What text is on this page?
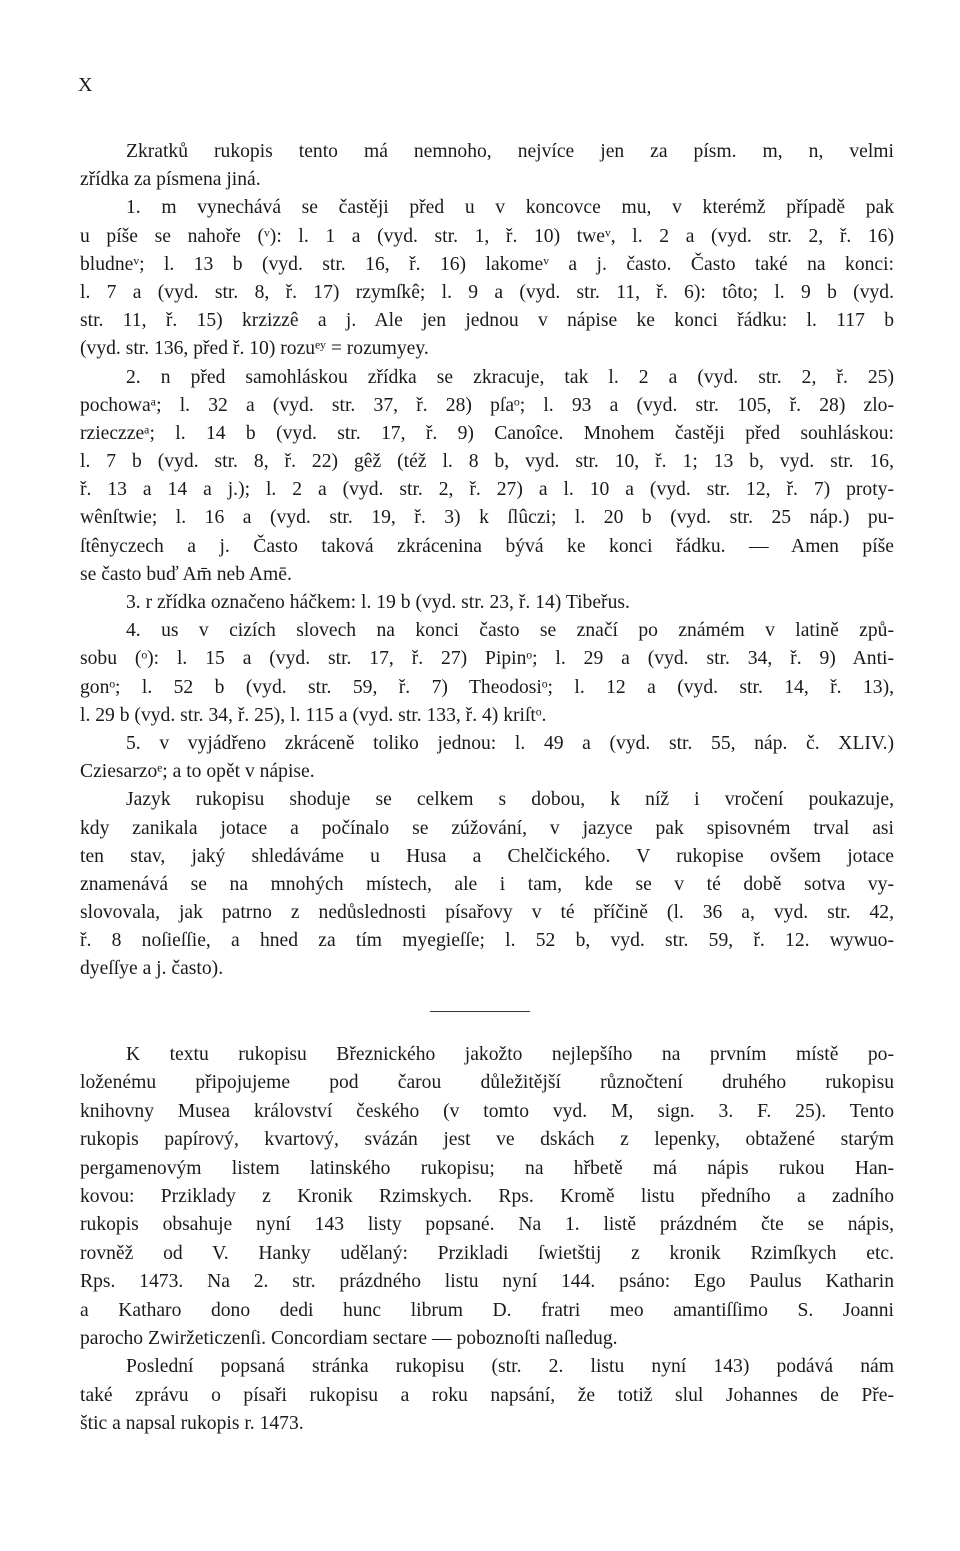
X
Zkratků rukopis tento má nemnoho, nejvíce jen za písm. m, n, velmi
zřídka za písmena jiná.
1. m vynechává se častěji před u v koncovce mu, v kterémž případě pak
u píše se nahoře (ᵛ): l. 1 a (vyd. str. 1, ř. 10) tweᵛ, l. 2 a (vyd. str. 2, ř. 16)
bludneᵛ; l. 13 b (vyd. str. 16, ř. 16) lakomeᵛ a j. často. Často také na konci:
l. 7 a (vyd. str. 8, ř. 17) rzymſkê; l. 9 a (vyd. str. 11, ř. 6): tôto; l. 9 b (vyd.
str. 11, ř. 15) krzizzê a j. Ale jen jednou v nápise ke konci řádku: l. 117 b
(vyd. str. 136, před ř. 10) rozuᵉʸ = rozumyey.
2. n před samohláskou zřídka se zkracuje, tak l. 2 a (vyd. str. 2, ř. 25)
pochowaᵃ; l. 32 a (vyd. str. 37, ř. 28) pſaᵒ; l. 93 a (vyd. str. 105, ř. 28) zlo-
rzieczzeᵃ; l. 14 b (vyd. str. 17, ř. 9) Canoîce. Mnohem častěji před souhláskou:
l. 7 b (vyd. str. 8, ř. 22) gêž (též l. 8 b, vyd. str. 10, ř. 1; 13 b, vyd. str. 16,
ř. 13 a 14 a j.); l. 2 a (vyd. str. 2, ř. 27) a l. 10 a (vyd. str. 12, ř. 7) proty-
wênſtwie; l. 16 a (vyd. str. 19, ř. 3) k ſlûczi; l. 20 b (vyd. str. 25 náp.) pu-
ſtênyczech a j. Často taková zkrácenina bývá ke konci řádku. — Amen píše
se často buď Am̄ neb Amē.
3. r zřídka označeno háčkem: l. 19 b (vyd. str. 23, ř. 14) Tibeřus.
4. us v cizích slovech na konci často se značí po známém v latině způ-
sobu (ᵒ): l. 15 a (vyd. str. 17, ř. 27) Pipinᵒ; l. 29 a (vyd. str. 34, ř. 9) Anti-
gonᵒ; l. 52 b (vyd. str. 59, ř. 7) Theodosiᵒ; l. 12 a (vyd. str. 14, ř. 13),
l. 29 b (vyd. str. 34, ř. 25), l. 115 a (vyd. str. 133, ř. 4) kriſtᵒ.
5. v vyjádřeno zkráceně toliko jednou: l. 49 a (vyd. str. 55, náp. č. XLIV.)
Cziesarzoᵉ; a to opět v nápise.
Jazyk rukopisu shoduje se celkem s dobou, k níž i vročení poukazuje,
kdy zanikala jotace a počínalo se zúžování, v jazyce pak spisovném trval asi
ten stav, jaký shledáváme u Husa a Chelčického. V rukopise ovšem jotace
znamenává se na mnohých místech, ale i tam, kde se v té době sotva vy-
slovovala, jak patrno z nedůslednosti písařovy v té příčině (l. 36 a, vyd. str. 42,
ř. 8 noſieſſie, a hned za tím myegieſſe; l. 52 b, vyd. str. 59, ř. 12. wywuo-
dyeſſye a j. často).
K textu rukopisu Březnického jakožto nejlepšího na prvním místě po-
loženému připojujeme pod čarou důležitější různočtení druhého rukopisu
knihovny Musea království českého (v tomto vyd. M, sign. 3. F. 25). Tento
rukopis papírový, kvartový, svázán jest ve dskách z lepenky, obtažené starým
pergamenovým listem latinského rukopisu; na hřbetě má nápis rukou Han-
kovou: Prziklady z Kronik Rzimskych. Rps. Kromě listu předního a zadního
rukopis obsahuje nyní 143 listy popsané. Na 1. listě prázdném čte se nápis,
rovněž od V. Hanky udělaný: Przikladi ſwietštij z kronik Rzimſkych etc.
Rps. 1473. Na 2. str. prázdného listu nyní 144. psáno: Ego Paulus Katharin
a Katharo dono dedi hunc librum D. fratri meo amantiſſimo S. Joanni
parocho Zwiržeticzenſi. Concordiam sectare — poboznoſti naſledug.
Poslední popsaná stránka rukopisu (str. 2. listu nyní 143) podává nám
také zprávu o písaři rukopisu a roku napsání, že totiž slul Johannes de Pře-
štic a napsal rukopis r. 1473.
